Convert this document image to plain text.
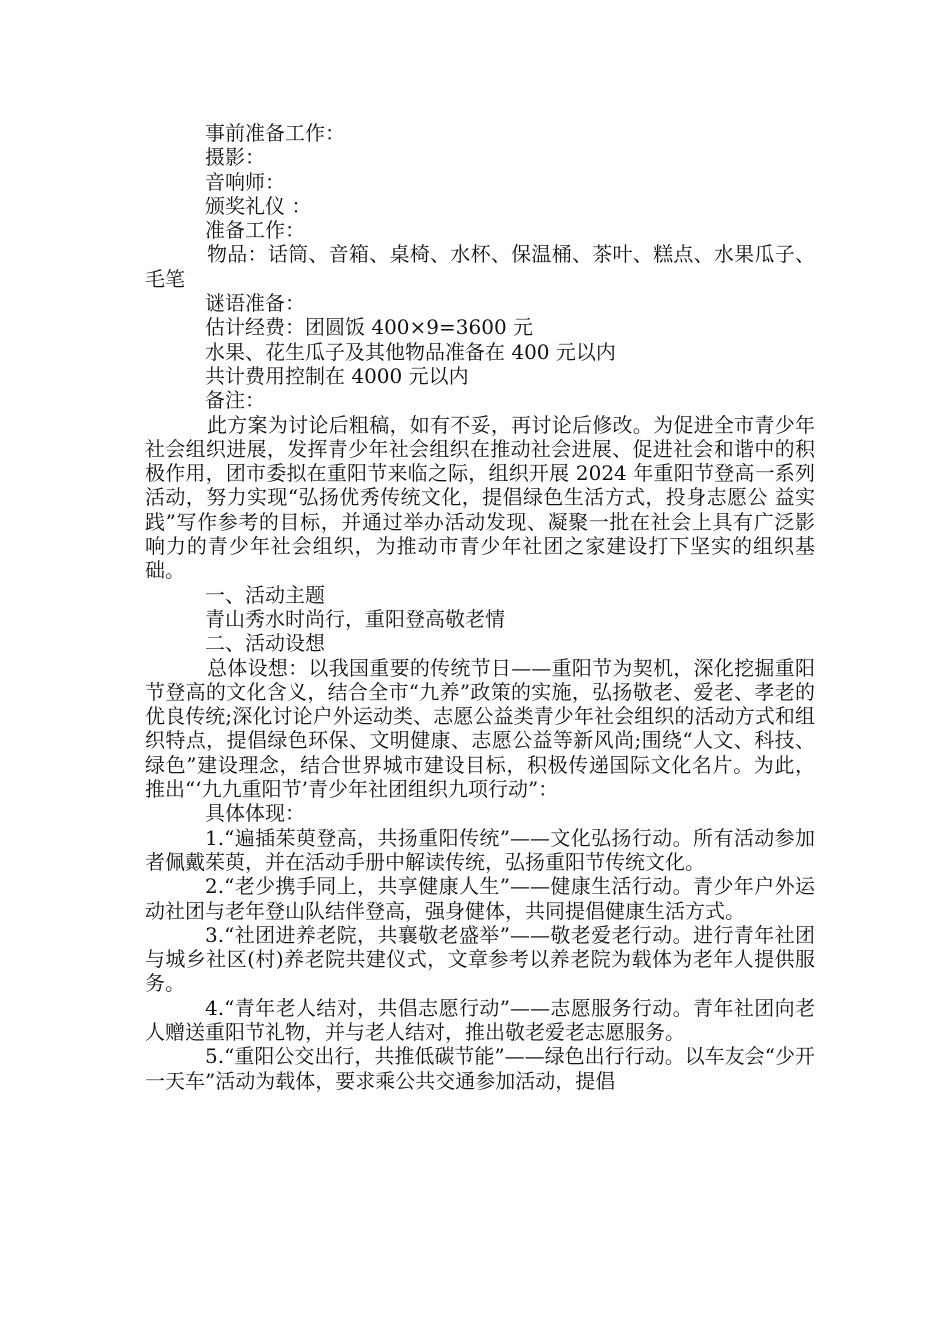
事前准备工作：

摄影：

音响师：

颁奖礼仪 ：

准备工作：

物品：话筒、音箱、桌椅、水杯、保温桶、茶叶、糕点、水果瓜子、毛笔

谜语准备：

估计经费：团圆饭 400×9=3600 元

水果、花生瓜子及其他物品准备在 400 元以内

共计费用控制在 4000 元以内

备注：

此方案为讨论后粗稿，如有不妥，再讨论后修改。为促进全市青少年社会组织进展，发挥青少年社会组织在推动社会进展、促进社会和谐中的积极作用，团市委拟在重阳节来临之际，组织开展 2024 年重阳节登高一系列活动，努力实现“弘扬优秀传统文化，提倡绿色生活方式，投身志愿公 益实践”写作参考的目标，并通过举办活动发现、凝聚一批在社会上具有广泛影响力的青少年社会组织，为推动市青少年社团之家建设打下坚实的组织基础。

一、活动主题

青山秀水时尚行，重阳登高敬老情

二、活动设想

总体设想：以我国重要的传统节日——重阳节为契机，深化挖掘重阳节登高的文化含义，结合全市“九养”政策的实施，弘扬敬老、爱老、孝老的优良传统;深化讨论户外运动类、志愿公益类青少年社会组织的活动方式和组织特点，提倡绿色环保、文明健康、志愿公益等新风尚;围绕“人文、科技、绿色”建设理念，结合世界城市建设目标，积极传递国际文化名片。为此，推出“‘九九重阳节’青少年社团组织九项行动”：

具体体现：

1.“遍插茱萸登高，共扬重阳传统”——文化弘扬行动。所有活动参加者佩戴茱萸，并在活动手册中解读传统，弘扬重阳节传统文化。

2.“老少携手同上，共享健康人生”——健康生活行动。青少年户外运动社团与老年登山队结伴登高，强身健体，共同提倡健康生活方式。

3.“社团进养老院，共襄敬老盛举”——敬老爱老行动。进行青年社团与城乡社区(村)养老院共建仪式，文章参考以养老院为载体为老年人提供服务。

4.“青年老人结对，共倡志愿行动”——志愿服务行动。青年社团向老人赠送重阳节礼物，并与老人结对，推出敬老爱老志愿服务。

5.“重阳公交出行，共推低碳节能”——绿色出行行动。以车友会“少开一天车”活动为载体，要求乘公共交通参加活动，提倡
